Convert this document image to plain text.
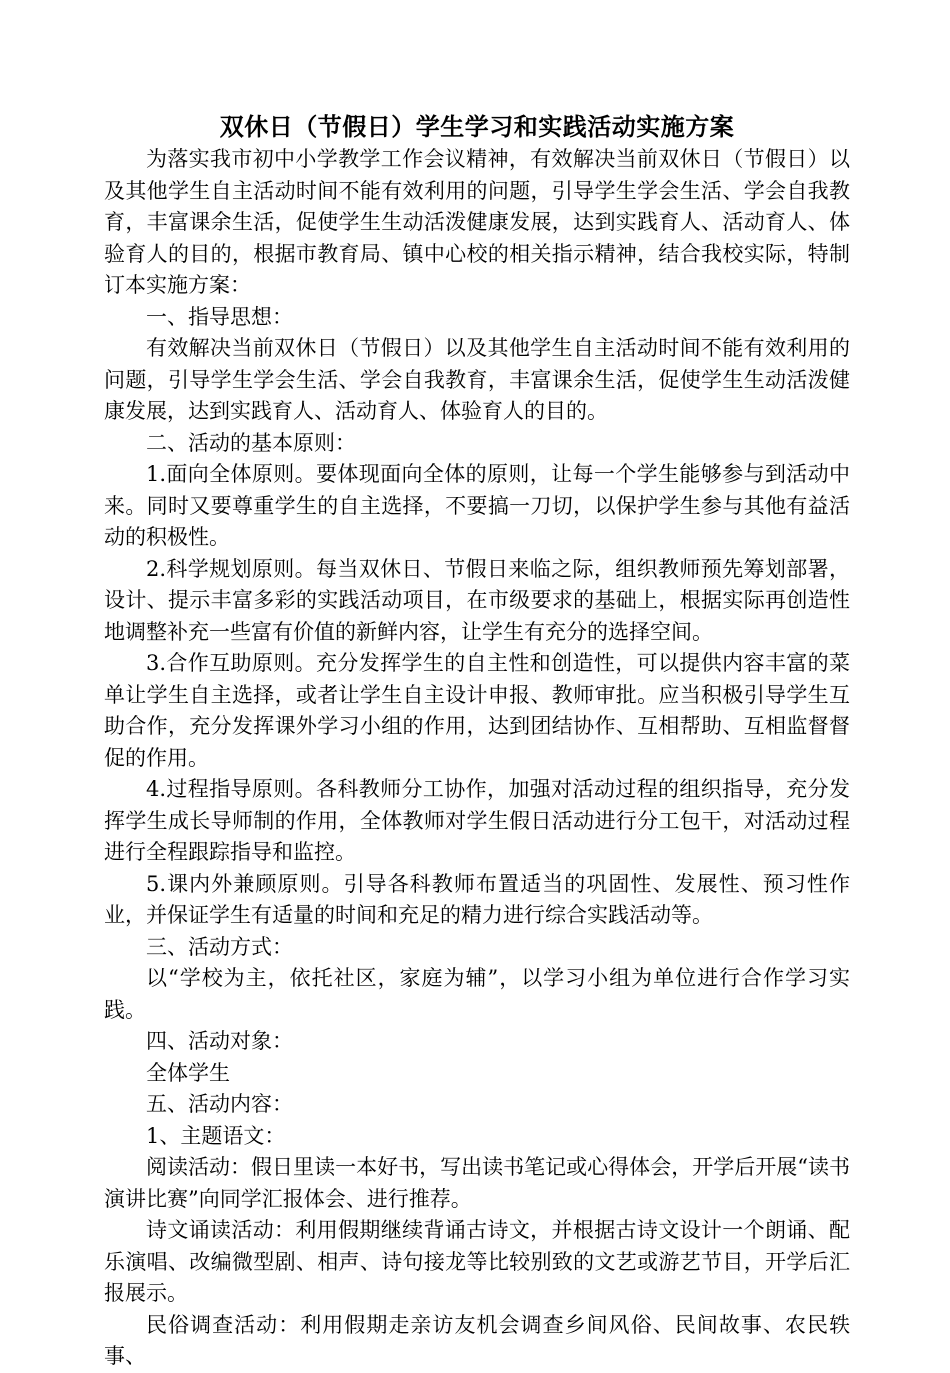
双休日（节假日）学生学习和实践活动实施方案

为落实我市初中小学教学工作会议精神，有效解决当前双休日（节假日）以及其他学生自主活动时间不能有效利用的问题，引导学生学会生活、学会自我教育，丰富课余生活，促使学生生动活泼健康发展，达到实践育人、活动育人、体验育人的目的，根据市教育局、镇中心校的相关指示精神，结合我校实际，特制订本实施方案：

一、指导思想：

有效解决当前双休日（节假日）以及其他学生自主活动时间不能有效利用的问题，引导学生学会生活、学会自我教育，丰富课余生活，促使学生生动活泼健康发展，达到实践育人、活动育人、体验育人的目的。

二、活动的基本原则：

1.面向全体原则。要体现面向全体的原则，让每一个学生能够参与到活动中来。同时又要尊重学生的自主选择，不要搞一刀切，以保护学生参与其他有益活动的积极性。

2.科学规划原则。每当双休日、节假日来临之际，组织教师预先筹划部署，设计、提示丰富多彩的实践活动项目，在市级要求的基础上，根据实际再创造性地调整补充一些富有价值的新鲜内容，让学生有充分的选择空间。

3.合作互助原则。充分发挥学生的自主性和创造性，可以提供内容丰富的菜单让学生自主选择，或者让学生自主设计申报、教师审批。应当积极引导学生互助合作，充分发挥课外学习小组的作用，达到团结协作、互相帮助、互相监督督促的作用。

4.过程指导原则。各科教师分工协作，加强对活动过程的组织指导，充分发挥学生成长导师制的作用，全体教师对学生假日活动进行分工包干，对活动过程进行全程跟踪指导和监控。

5.课内外兼顾原则。引导各科教师布置适当的巩固性、发展性、预习性作业，并保证学生有适量的时间和充足的精力进行综合实践活动等。

三、活动方式：

以“学校为主，依托社区，家庭为辅”，以学习小组为单位进行合作学习实践。

四、活动对象：

全体学生

五、活动内容：

1、主题语文：

阅读活动：假日里读一本好书，写出读书笔记或心得体会，开学后开展“读书演讲比赛”向同学汇报体会、进行推荐。

诗文诵读活动：利用假期继续背诵古诗文，并根据古诗文设计一个朗诵、配乐演唱、改编微型剧、相声、诗句接龙等比较别致的文艺或游艺节目，开学后汇报展示。

民俗调查活动：利用假期走亲访友机会调查乡间风俗、民间故事、农民轶事、
